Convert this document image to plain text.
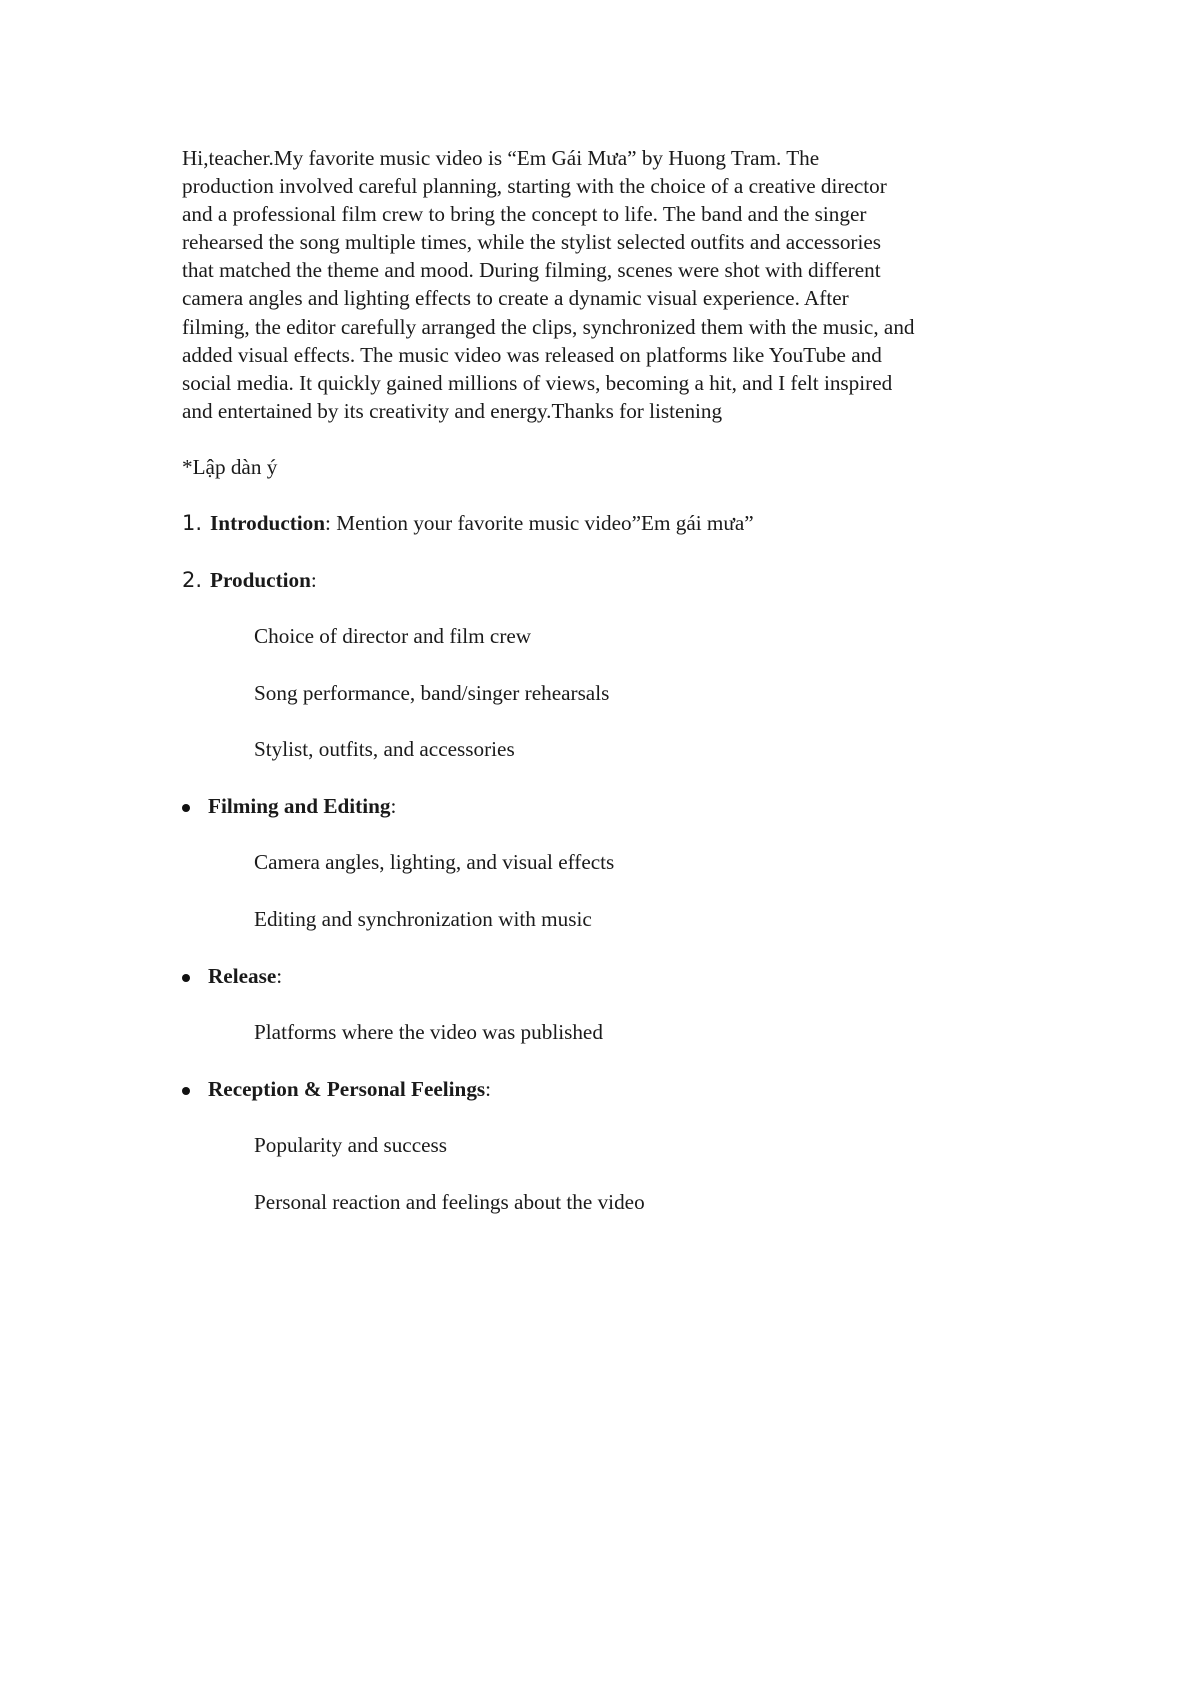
Hi,teacher.My favorite music video is “Em Gái Mưa” by Huong Tram. The
production involved careful planning, starting with the choice of a creative director
and a professional film crew to bring the concept to life. The band and the singer
rehearsed the song multiple times, while the stylist selected outfits and accessories
that matched the theme and mood. During filming, scenes were shot with different
camera angles and lighting effects to create a dynamic visual experience. After
filming, the editor carefully arranged the clips, synchronized them with the music, and
added visual effects. The music video was released on platforms like YouTube and
social media. It quickly gained millions of views, becoming a hit, and I felt inspired
and entertained by its creativity and energy.Thanks for listening

*Lập dàn ý

1. Introduction: Mention your favorite music video”Em gái mưa”

2. Production:

Choice of director and film crew

Song performance, band/singer rehearsals

Stylist, outfits, and accessories

Filming and Editing:

Camera angles, lighting, and visual effects

Editing and synchronization with music

Release:

Platforms where the video was published

Reception & Personal Feelings:

Popularity and success

Personal reaction and feelings about the video
